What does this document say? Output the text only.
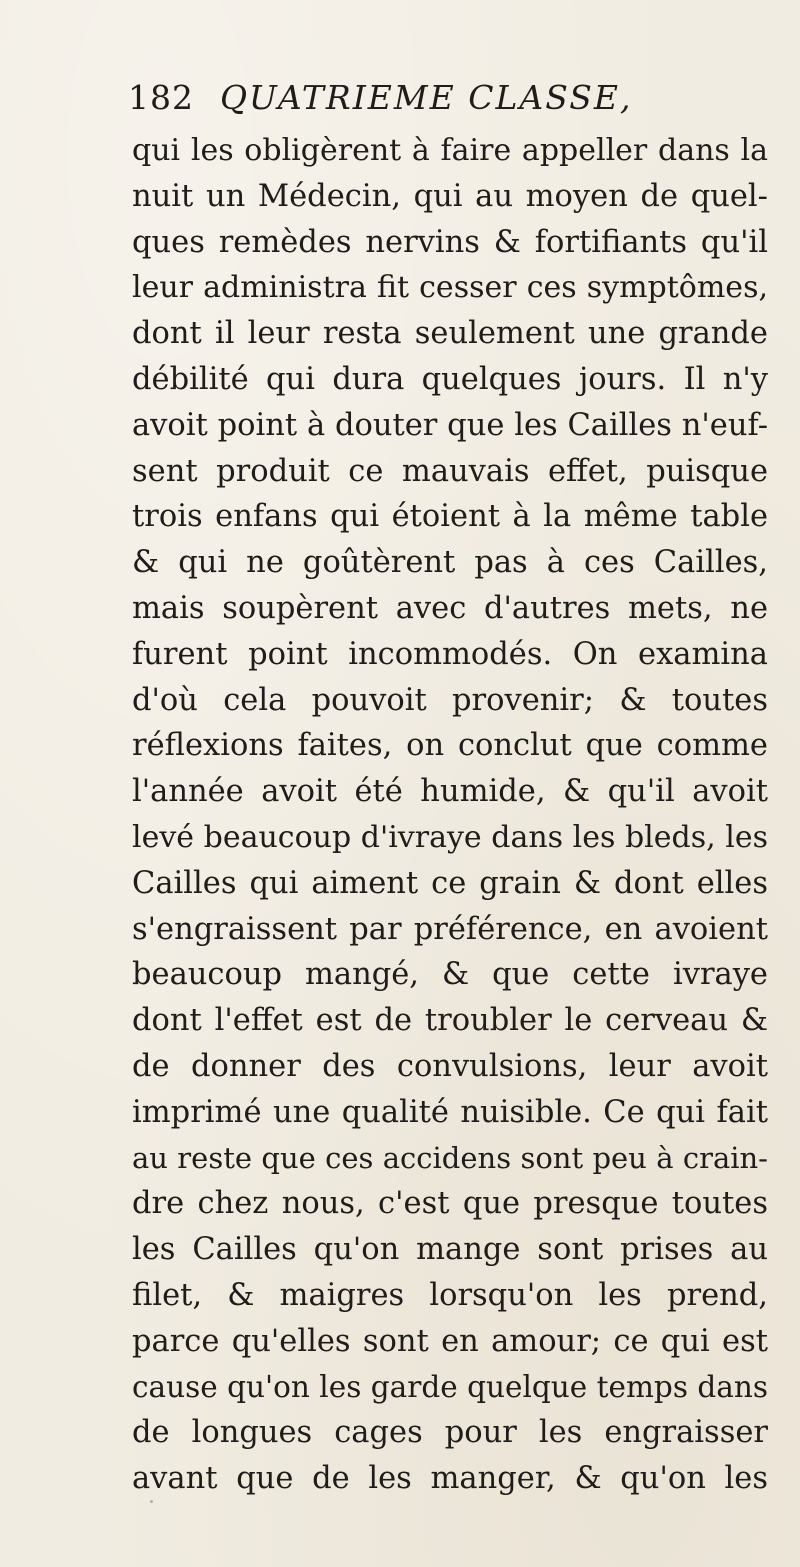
182 QUATRIEME CLASSE,
qui les obligèrent à faire appeller dans la
nuit un Médecin, qui au moyen de quel-
ques remèdes nervins & fortifiants qu'il
leur administra fit cesser ces symptômes,
dont il leur resta seulement une grande
débilité qui dura quelques jours. Il n'y
avoit point à douter que les Cailles n'euf-
sent produit ce mauvais effet, puisque
trois enfans qui étoient à la même table
& qui ne goûtèrent pas à ces Cailles,
mais soupèrent avec d'autres mets, ne
furent point incommodés. On examina
d'où cela pouvoit provenir; & toutes
réflexions faites, on conclut que comme
l'année avoit été humide, & qu'il avoit
levé beaucoup d'ivraye dans les bleds, les
Cailles qui aiment ce grain & dont elles
s'engraissent par préférence, en avoient
beaucoup mangé, & que cette ivraye
dont l'effet est de troubler le cerveau &
de donner des convulsions, leur avoit
imprimé une qualité nuisible. Ce qui fait
au reste que ces accidens sont peu à crain-
dre chez nous, c'est que presque toutes
les Cailles qu'on mange sont prises au
filet, & maigres lorsqu'on les prend,
parce qu'elles sont en amour; ce qui est
cause qu'on les garde quelque temps dans
de longues cages pour les engraisser
avant que de les manger, & qu'on les
